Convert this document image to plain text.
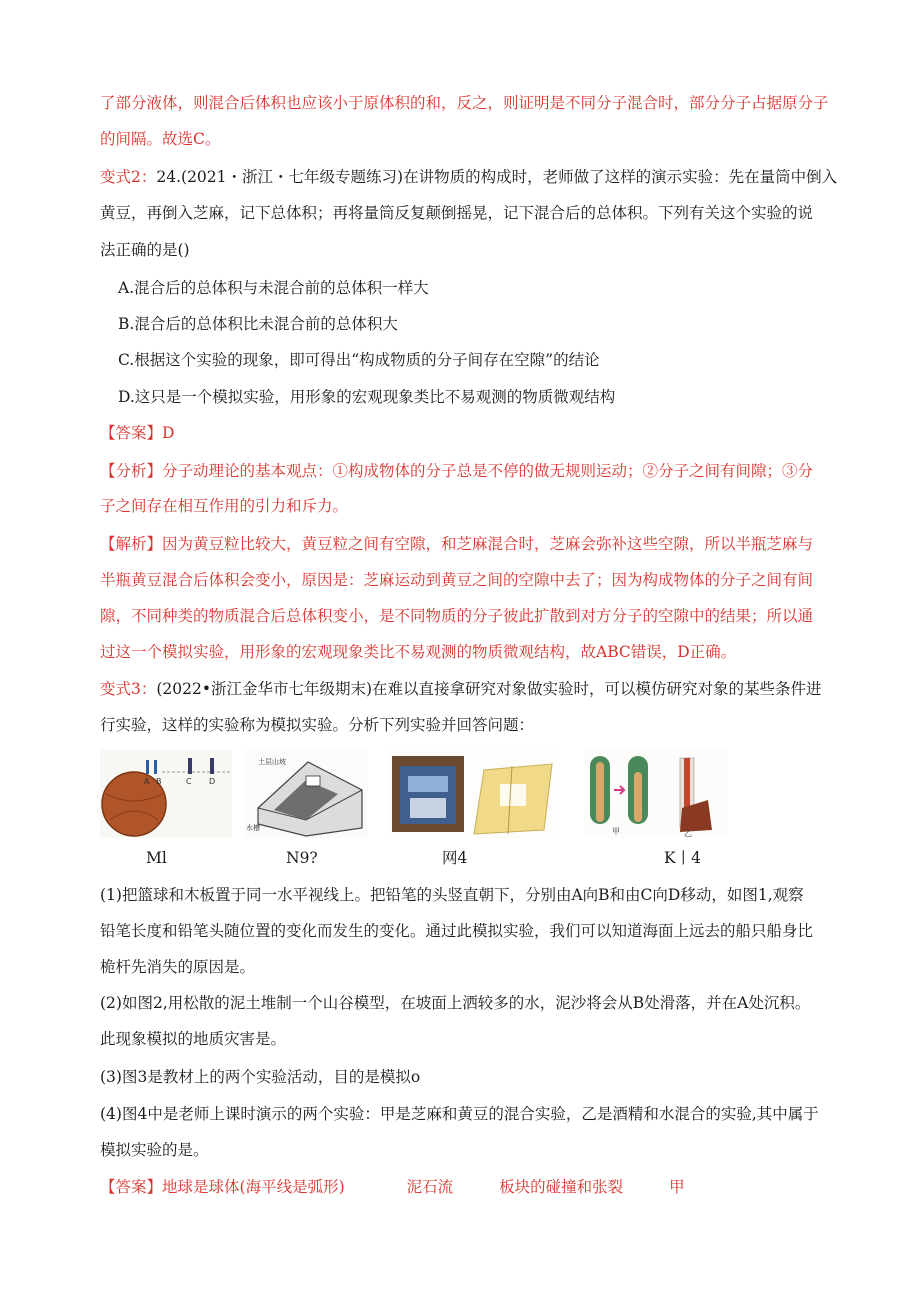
了部分液体，则混合后体积也应该小于原体积的和，反之，则证明是不同分子混合时，部分分子占据原分子
的间隔。故选C。
变式2：24.(2021・浙江・七年级专题练习)在讲物质的构成时，老师做了这样的演示实验：先在量筒中倒入
黄豆，再倒入芝麻，记下总体积；再将量筒反复颠倒摇晃，记下混合后的总体积。下列有关这个实验的说
法正确的是()
A.混合后的总体积与未混合前的总体积一样大
B.混合后的总体积比未混合前的总体积大
C.根据这个实验的现象，即可得出“构成物质的分子间存在空隙”的结论
D.这只是一个模拟实验，用形象的宏观现象类比不易观测的物质微观结构
【答案】D
【分析】分子动理论的基本观点：①构成物体的分子总是不停的做无规则运动；②分子之间有间隙；③分
子之间存在相互作用的引力和斥力。
【解析】因为黄豆粒比较大，黄豆粒之间有空隙，和芝麻混合时，芝麻会弥补这些空隙，所以半瓶芝麻与
半瓶黄豆混合后体积会变小，原因是：芝麻运动到黄豆之间的空隙中去了；因为构成物体的分子之间有间
隙，不同种类的物质混合后总体积变小，是不同物质的分子彼此扩散到对方分子的空隙中的结果；所以通
过这一个模拟实验，用形象的宏观现象类比不易观测的物质微观结构，故ABC错误，D正确。
变式3：(2022•浙江金华市七年级期末)在难以直接拿研究对象做实验时，可以模仿研究对象的某些条件进
行实验，这样的实验称为模拟实验。分析下列实验并回答问题：
A B	C D
土层山坡
水槽	甲	乙
Ml	N9?	网4	K丨4
(1)把篮球和木板置于同一水平视线上。把铅笔的头竖直朝下，分别由A向B和由C向D移动，如图1,观察
铅笔长度和铅笔头随位置的变化而发生的变化。通过此模拟实验，我们可以知道海面上远去的船只船身比
桅杆先消失的原因是。
(2)如图2,用松散的泥土堆制一个山谷模型，在坡面上洒较多的水，泥沙将会从B处滑落，并在A处沉积。
此现象模拟的地质灾害是。
(3)图3是教材上的两个实验活动，目的是模拟o
(4)图4中是老师上课时演示的两个实验：甲是芝麻和黄豆的混合实验，乙是酒精和水混合的实验,其中属于
模拟实验的是。
【答案】地球是球体(海平线是弧形)	泥石流	板块的碰撞和张裂	甲
